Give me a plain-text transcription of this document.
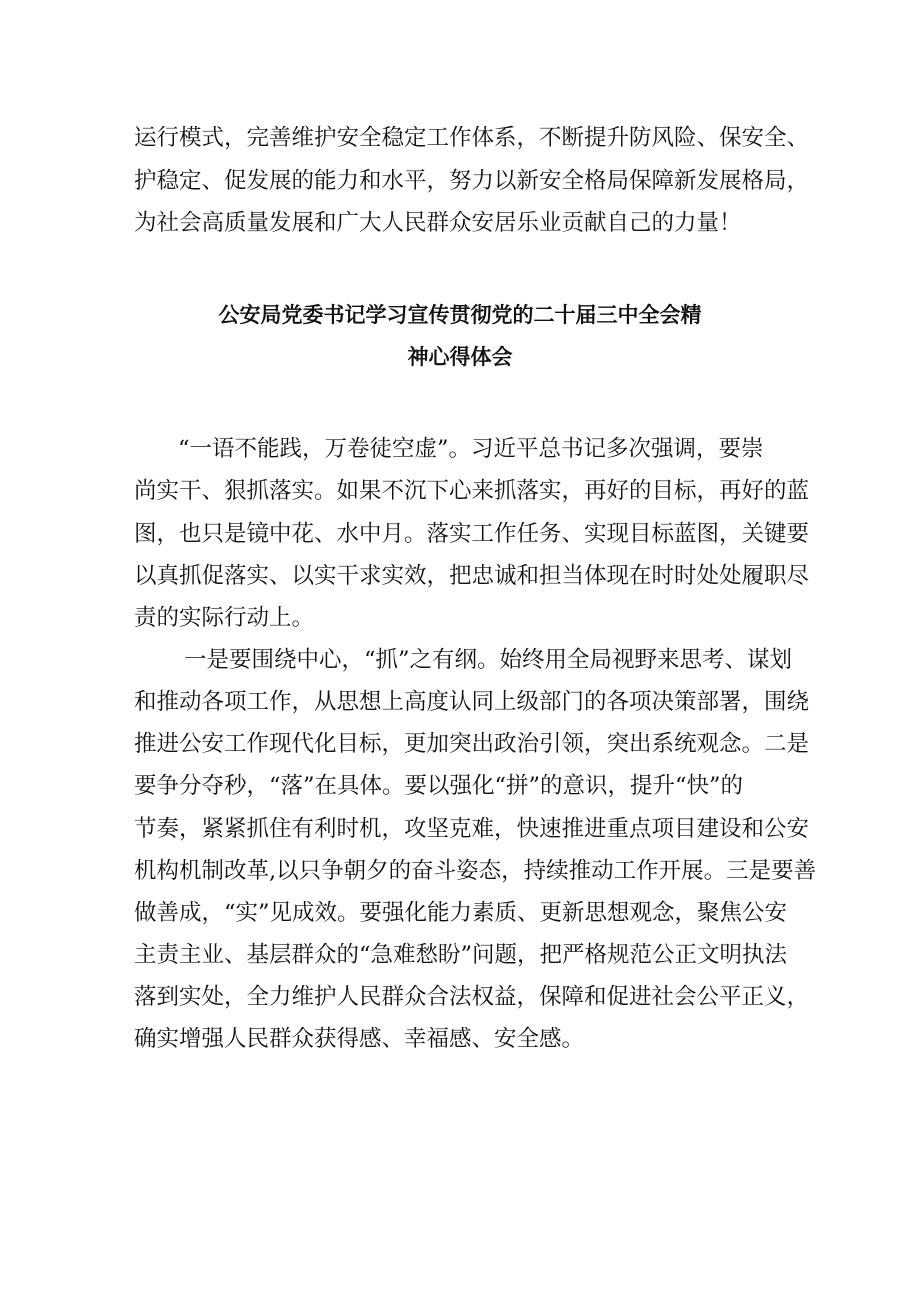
运行模式，完善维护安全稳定工作体系，不断提升防风险、保安全、

护稳定、促发展的能力和水平，努力以新安全格局保障新发展格局，

为社会高质量发展和广大人民群众安居乐业贡献自己的力量！

公安局党委书记学习宣传贯彻党的二十届三中全会精

神心得体会

“一语不能践，万卷徒空虚”。习近平总书记多次强调，要崇

尚实干、狠抓落实。如果不沉下心来抓落实，再好的目标，再好的蓝

图，也只是镜中花、水中月。落实工作任务、实现目标蓝图，关键要

以真抓促落实、以实干求实效，把忠诚和担当体现在时时处处履职尽

责的实际行动上。

一是要围绕中心，“抓”之有纲。始终用全局视野来思考、谋划

和推动各项工作，从思想上高度认同上级部门的各项决策部署，围绕

推进公安工作现代化目标，更加突出政治引领，突出系统观念。二是

要争分夺秒，“落”在具体。要以强化“拼”的意识，提升“快”的

节奏，紧紧抓住有利时机，攻坚克难，快速推进重点项目建设和公安

机构机制改革,以只争朝夕的奋斗姿态，持续推动工作开展。三是要善

做善成，“实”见成效。要强化能力素质、更新思想观念，聚焦公安

主责主业、基层群众的“急难愁盼”问题，把严格规范公正文明执法

落到实处，全力维护人民群众合法权益，保障和促进社会公平正义，

确实增强人民群众获得感、幸福感、安全感。
